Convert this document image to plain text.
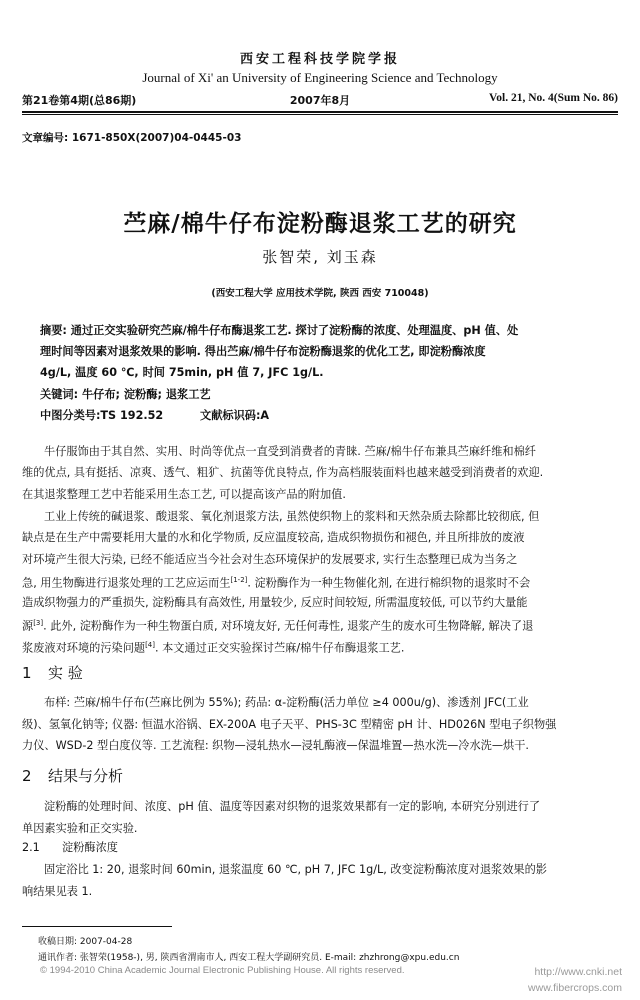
西安工程科技学院学报
Journal of Xi' an University of Engineering Science and Technology
第21卷第4期(总86期)	2007年8月	Vol. 21, No. 4(Sum No. 86)
文章编号: 1671-850X(2007)04-0445-03
苎麻/棉牛仔布淀粉酶退浆工艺的研究
张智荣, 刘玉森
(西安工程大学 应用技术学院, 陕西 西安 710048)
摘要: 通过正交实验研究苎麻/棉牛仔布酶退浆工艺. 探讨了淀粉酶的浓度、处理温度、pH 值、处
理时间等因素对退浆效果的影响. 得出苎麻/棉牛仔布淀粉酶退浆的优化工艺, 即淀粉酶浓度
4g/L, 温度 60 ℃, 时间 75min, pH 值 7, JFC 1g/L.
关键词: 牛仔布; 淀粉酶; 退浆工艺
中图分类号:TS 192.52	文献标识码:A
牛仔服饰由于其自然、实用、时尚等优点一直受到消费者的青睐. 苎麻/棉牛仔布兼具苎麻纤维和棉纤
维的优点, 具有挺括、凉爽、透气、粗犷、抗菌等优良特点, 作为高档服装面料也越来越受到消费者的欢迎.
在其退浆整理工艺中若能采用生态工艺, 可以提高该产品的附加值.
工业上传统的碱退浆、酸退浆、氧化剂退浆方法, 虽然使织物上的浆料和天然杂质去除都比较彻底, 但
缺点是在生产中需要耗用大量的水和化学物质, 反应温度较高, 造成织物损伤和褪色, 并且所排放的废液
对环境产生很大污染, 已经不能适应当今社会对生态环境保护的发展要求, 实行生态整理已成为当务之
急, 用生物酶进行退浆处理的工艺应运而生[1-2]. 淀粉酶作为一种生物催化剂, 在进行棉织物的退浆时不会
造成织物强力的严重损失, 淀粉酶具有高效性, 用量较少, 反应时间较短, 所需温度较低, 可以节约大量能
源[3]. 此外, 淀粉酶作为一种生物蛋白质, 对环境友好, 无任何毒性, 退浆产生的废水可生物降解, 解决了退
浆废液对环境的污染问题[4]. 本文通过正交实验探讨苎麻/棉牛仔布酶退浆工艺.
1 实 验
布样: 苎麻/棉牛仔布(苎麻比例为 55%); 药品: α-淀粉酶(活力单位 ≥4 000u/g)、渗透剂 JFC(工业
级)、氢氧化钠等; 仪器: 恒温水浴锅、EX-200A 电子天平、PHS-3C 型精密 pH 计、HD026N 型电子织物强
力仪、WSD-2 型白度仪等. 工艺流程: 织物—浸轧热水—浸轧酶液—保温堆置—热水洗—冷水洗—烘干.
2 结果与分析
淀粉酶的处理时间、浓度、pH 值、温度等因素对织物的退浆效果都有一定的影响, 本研究分别进行了
单因素实验和正交实验.
2.1 淀粉酶浓度
固定浴比 1: 20, 退浆时间 60min, 退浆温度 60 ℃, pH 7, JFC 1g/L, 改变淀粉酶浓度对退浆效果的影
响结果见表 1.
收稿日期: 2007-04-28
通讯作者: 张智荣(1958-), 男, 陕西省渭南市人, 西安工程大学副研究员. E-mail: zhzhrong@xpu.edu.cn
© 1994-2010 China Academic Journal Electronic Publishing House. All rights reserved.	http://www.cnki.net
www.fibercrops.com
